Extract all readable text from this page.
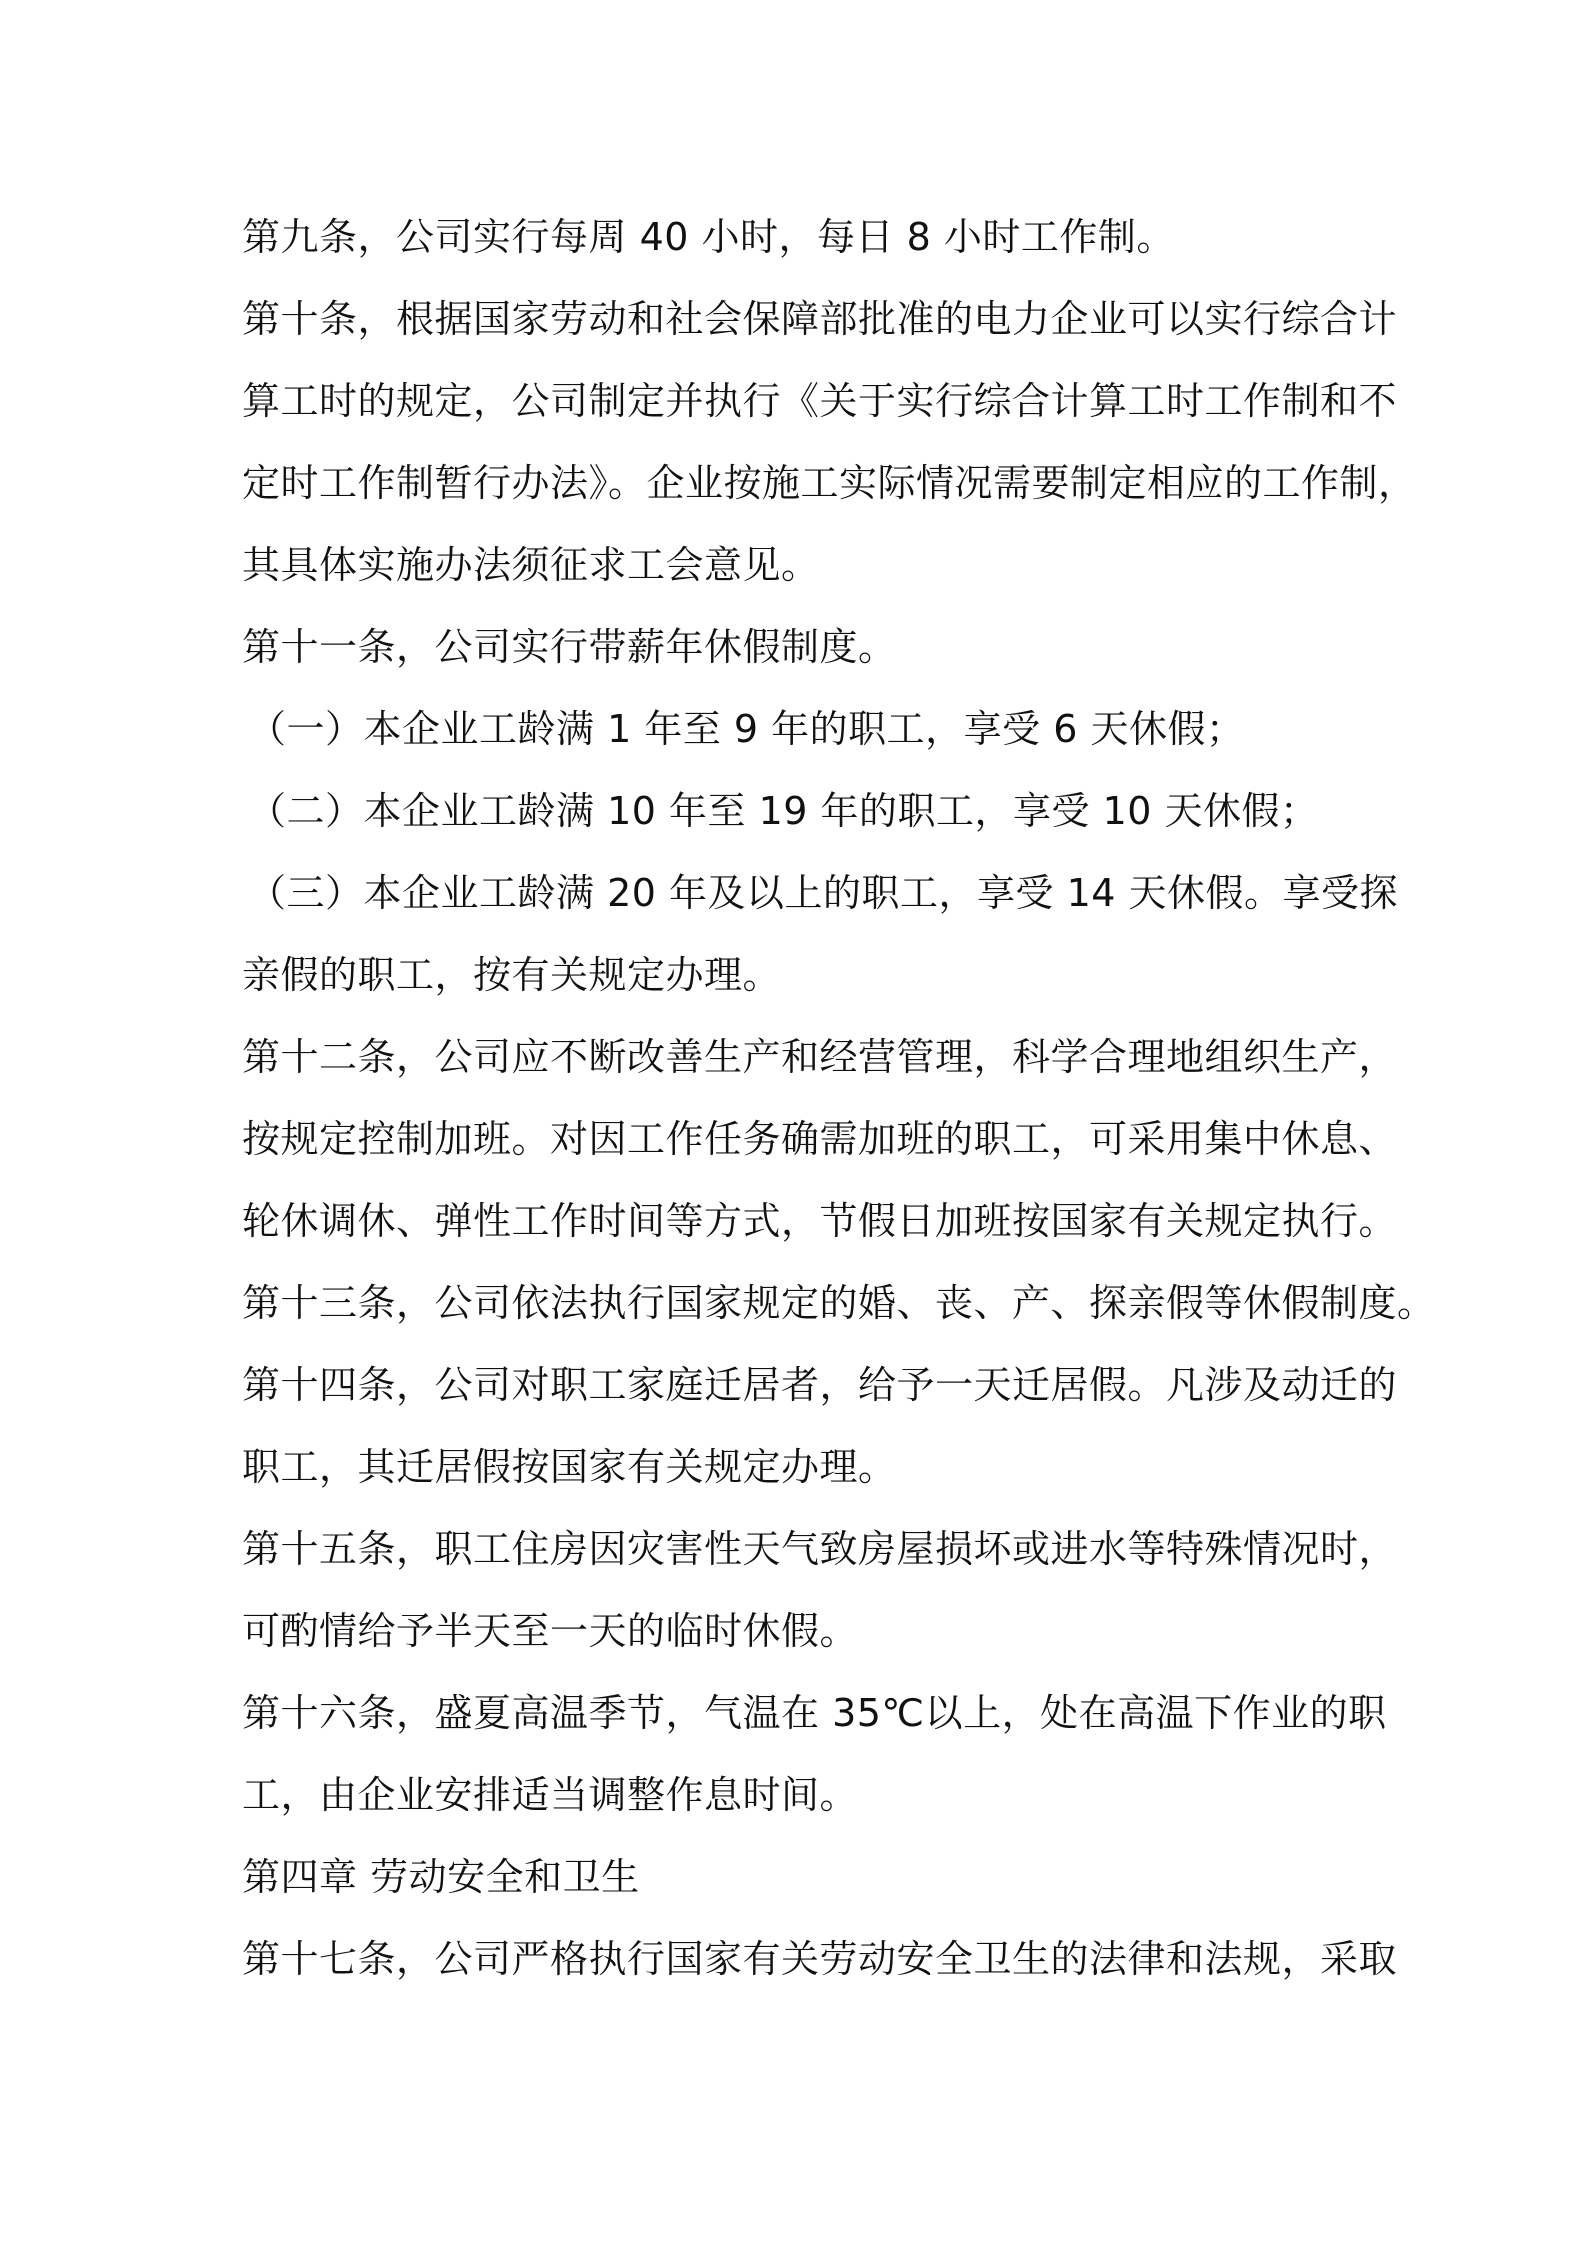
第九条，公司实行每周 40 小时，每日 8 小时工作制。

第十条，根据国家劳动和社会保障部批准的电力企业可以实行综合计

算工时的规定，公司制定并执行《关于实行综合计算工时工作制和不

定时工作制暂行办法》。企业按施工实际情况需要制定相应的工作制，

其具体实施办法须征求工会意见。

第十一条，公司实行带薪年休假制度。

（一）本企业工龄满 1 年至 9 年的职工，享受 6 天休假；

（二）本企业工龄满 10 年至 19 年的职工，享受 10 天休假；

（三）本企业工龄满 20 年及以上的职工，享受 14 天休假。享受探

亲假的职工，按有关规定办理。

第十二条，公司应不断改善生产和经营管理，科学合理地组织生产，

按规定控制加班。对因工作任务确需加班的职工，可采用集中休息、

轮休调休、弹性工作时间等方式，节假日加班按国家有关规定执行。

第十三条，公司依法执行国家规定的婚、丧、产、探亲假等休假制度。

第十四条，公司对职工家庭迁居者，给予一天迁居假。凡涉及动迁的

职工，其迁居假按国家有关规定办理。

第十五条，职工住房因灾害性天气致房屋损坏或进水等特殊情况时，

可酌情给予半天至一天的临时休假。

第十六条，盛夏高温季节，气温在 35℃以上，处在高温下作业的职

工，由企业安排适当调整作息时间。

第四章 劳动安全和卫生

第十七条，公司严格执行国家有关劳动安全卫生的法律和法规，采取
